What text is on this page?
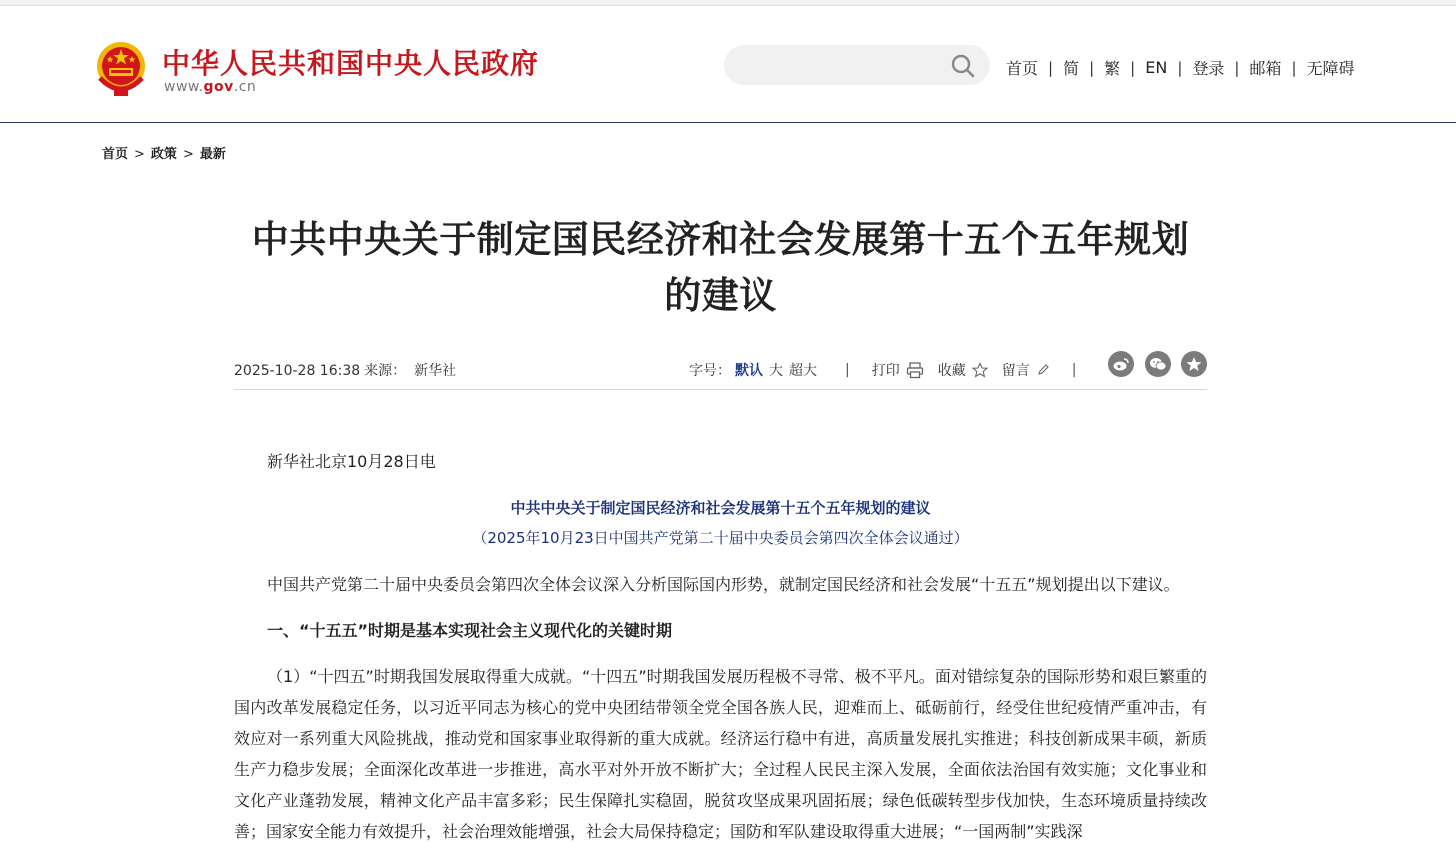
中华人民共和国中央人民政府
www.gov.cn
首页 | 简 | 繁 | EN | 登录 | 邮箱 | 无障碍
首页 > 政策 > 最新
中共中央关于制定国民经济和社会发展第十五个五年规划的建议
2025-10-28 16:38 来源： 新华社	字号： 默认 大 超大 | 打印	收藏	留言	|

新华社北京10月28日电

中共中央关于制定国民经济和社会发展第十五个五年规划的建议

（2025年10月23日中国共产党第二十届中央委员会第四次全体会议通过）

中国共产党第二十届中央委员会第四次全体会议深入分析国际国内形势，就制定国民经济和社会发展“十五五”规划提出以下建议。

一、“十五五”时期是基本实现社会主义现代化的关键时期

（1）“十四五”时期我国发展取得重大成就。“十四五”时期我国发展历程极不寻常、极不平凡。面对错综复杂的国际形势和艰巨繁重的国内改革发展稳定任务，以习近平同志为核心的党中央团结带领全党全国各族人民，迎难而上、砥砺前行，经受住世纪疫情严重冲击，有效应对一系列重大风险挑战，推动党和国家事业取得新的重大成就。经济运行稳中有进，高质量发展扎实推进；科技创新成果丰硕，新质生产力稳步发展；全面深化改革进一步推进，高水平对外开放不断扩大；全过程人民民主深入发展，全面依法治国有效实施；文化事业和文化产业蓬勃发展，精神文化产品丰富多彩；民生保障扎实稳固，脱贫攻坚成果巩固拓展；绿色低碳转型步伐加快，生态环境质量持续改善；国家安全能力有效提升，社会治理效能增强，社会大局保持稳定；国防和军队建设取得重大进展；“一国两制”实践深
